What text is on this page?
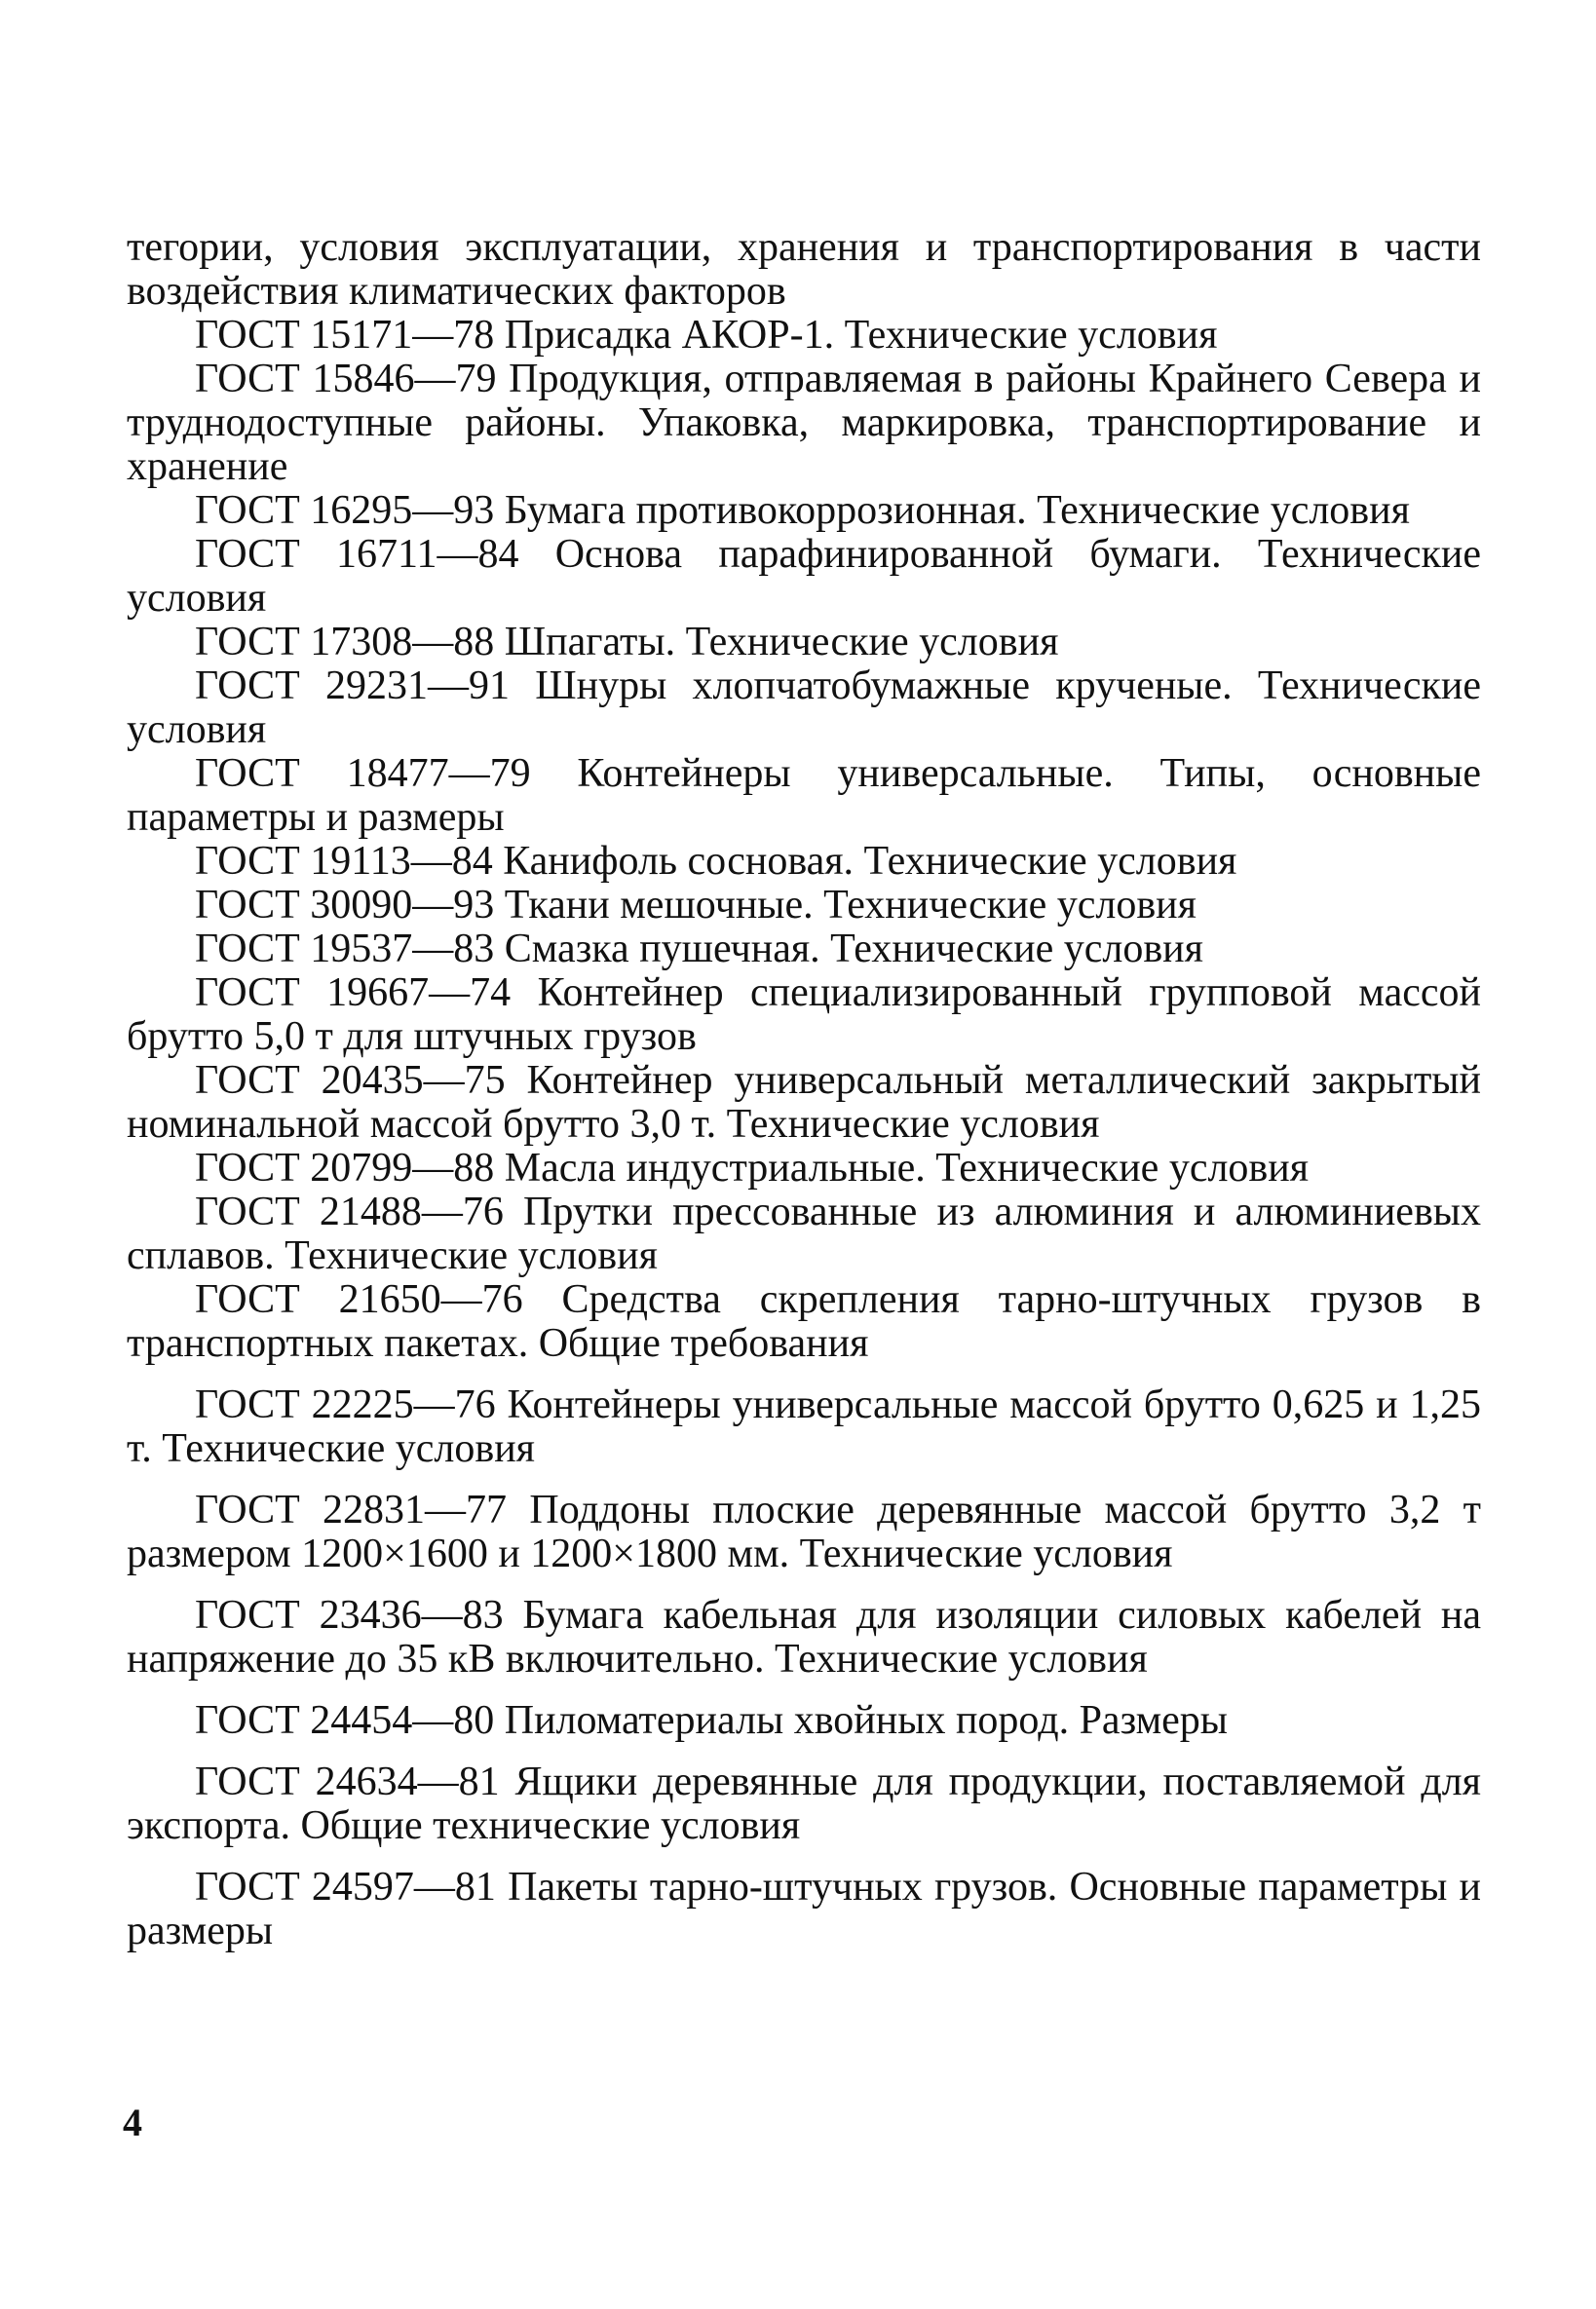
тегории, условия эксплуатации, хранения и транспортирования в части воздействия климатических факторов

ГОСТ 15171—78 Присадка АКОР-1. Технические условия

ГОСТ 15846—79 Продукция, отправляемая в районы Крайнего Севера и труднодоступные районы. Упаковка, маркировка, транспортирование и хранение

ГОСТ 16295—93 Бумага противокоррозионная. Технические условия

ГОСТ 16711—84 Основа парафинированной бумаги. Технические условия

ГОСТ 17308—88 Шпагаты. Технические условия

ГОСТ 29231—91 Шнуры хлопчатобумажные крученые. Технические условия

ГОСТ 18477—79 Контейнеры универсальные. Типы, основные параметры и размеры

ГОСТ 19113—84 Канифоль сосновая. Технические условия

ГОСТ 30090—93 Ткани мешочные. Технические условия

ГОСТ 19537—83 Смазка пушечная. Технические условия

ГОСТ 19667—74 Контейнер специализированный групповой массой брутто 5,0 т для штучных грузов

ГОСТ 20435—75 Контейнер универсальный металлический закрытый номинальной массой брутто 3,0 т. Технические условия

ГОСТ 20799—88 Масла индустриальные. Технические условия

ГОСТ 21488—76 Прутки прессованные из алюминия и алюминиевых сплавов. Технические условия

ГОСТ 21650—76 Средства скрепления тарно-штучных грузов в транспортных пакетах. Общие требования

ГОСТ 22225—76 Контейнеры универсальные массой брутто 0,625 и 1,25 т. Технические условия

ГОСТ 22831—77 Поддоны плоские деревянные массой брутто 3,2 т размером 1200×1600 и 1200×1800 мм. Технические условия

ГОСТ 23436—83 Бумага кабельная для изоляции силовых кабелей на напряжение до 35 кВ включительно. Технические условия

ГОСТ 24454—80 Пиломатериалы хвойных пород. Размеры

ГОСТ 24634—81 Ящики деревянные для продукции, поставляемой для экспорта. Общие технические условия

ГОСТ 24597—81 Пакеты тарно-штучных грузов. Основные параметры и размеры

4
